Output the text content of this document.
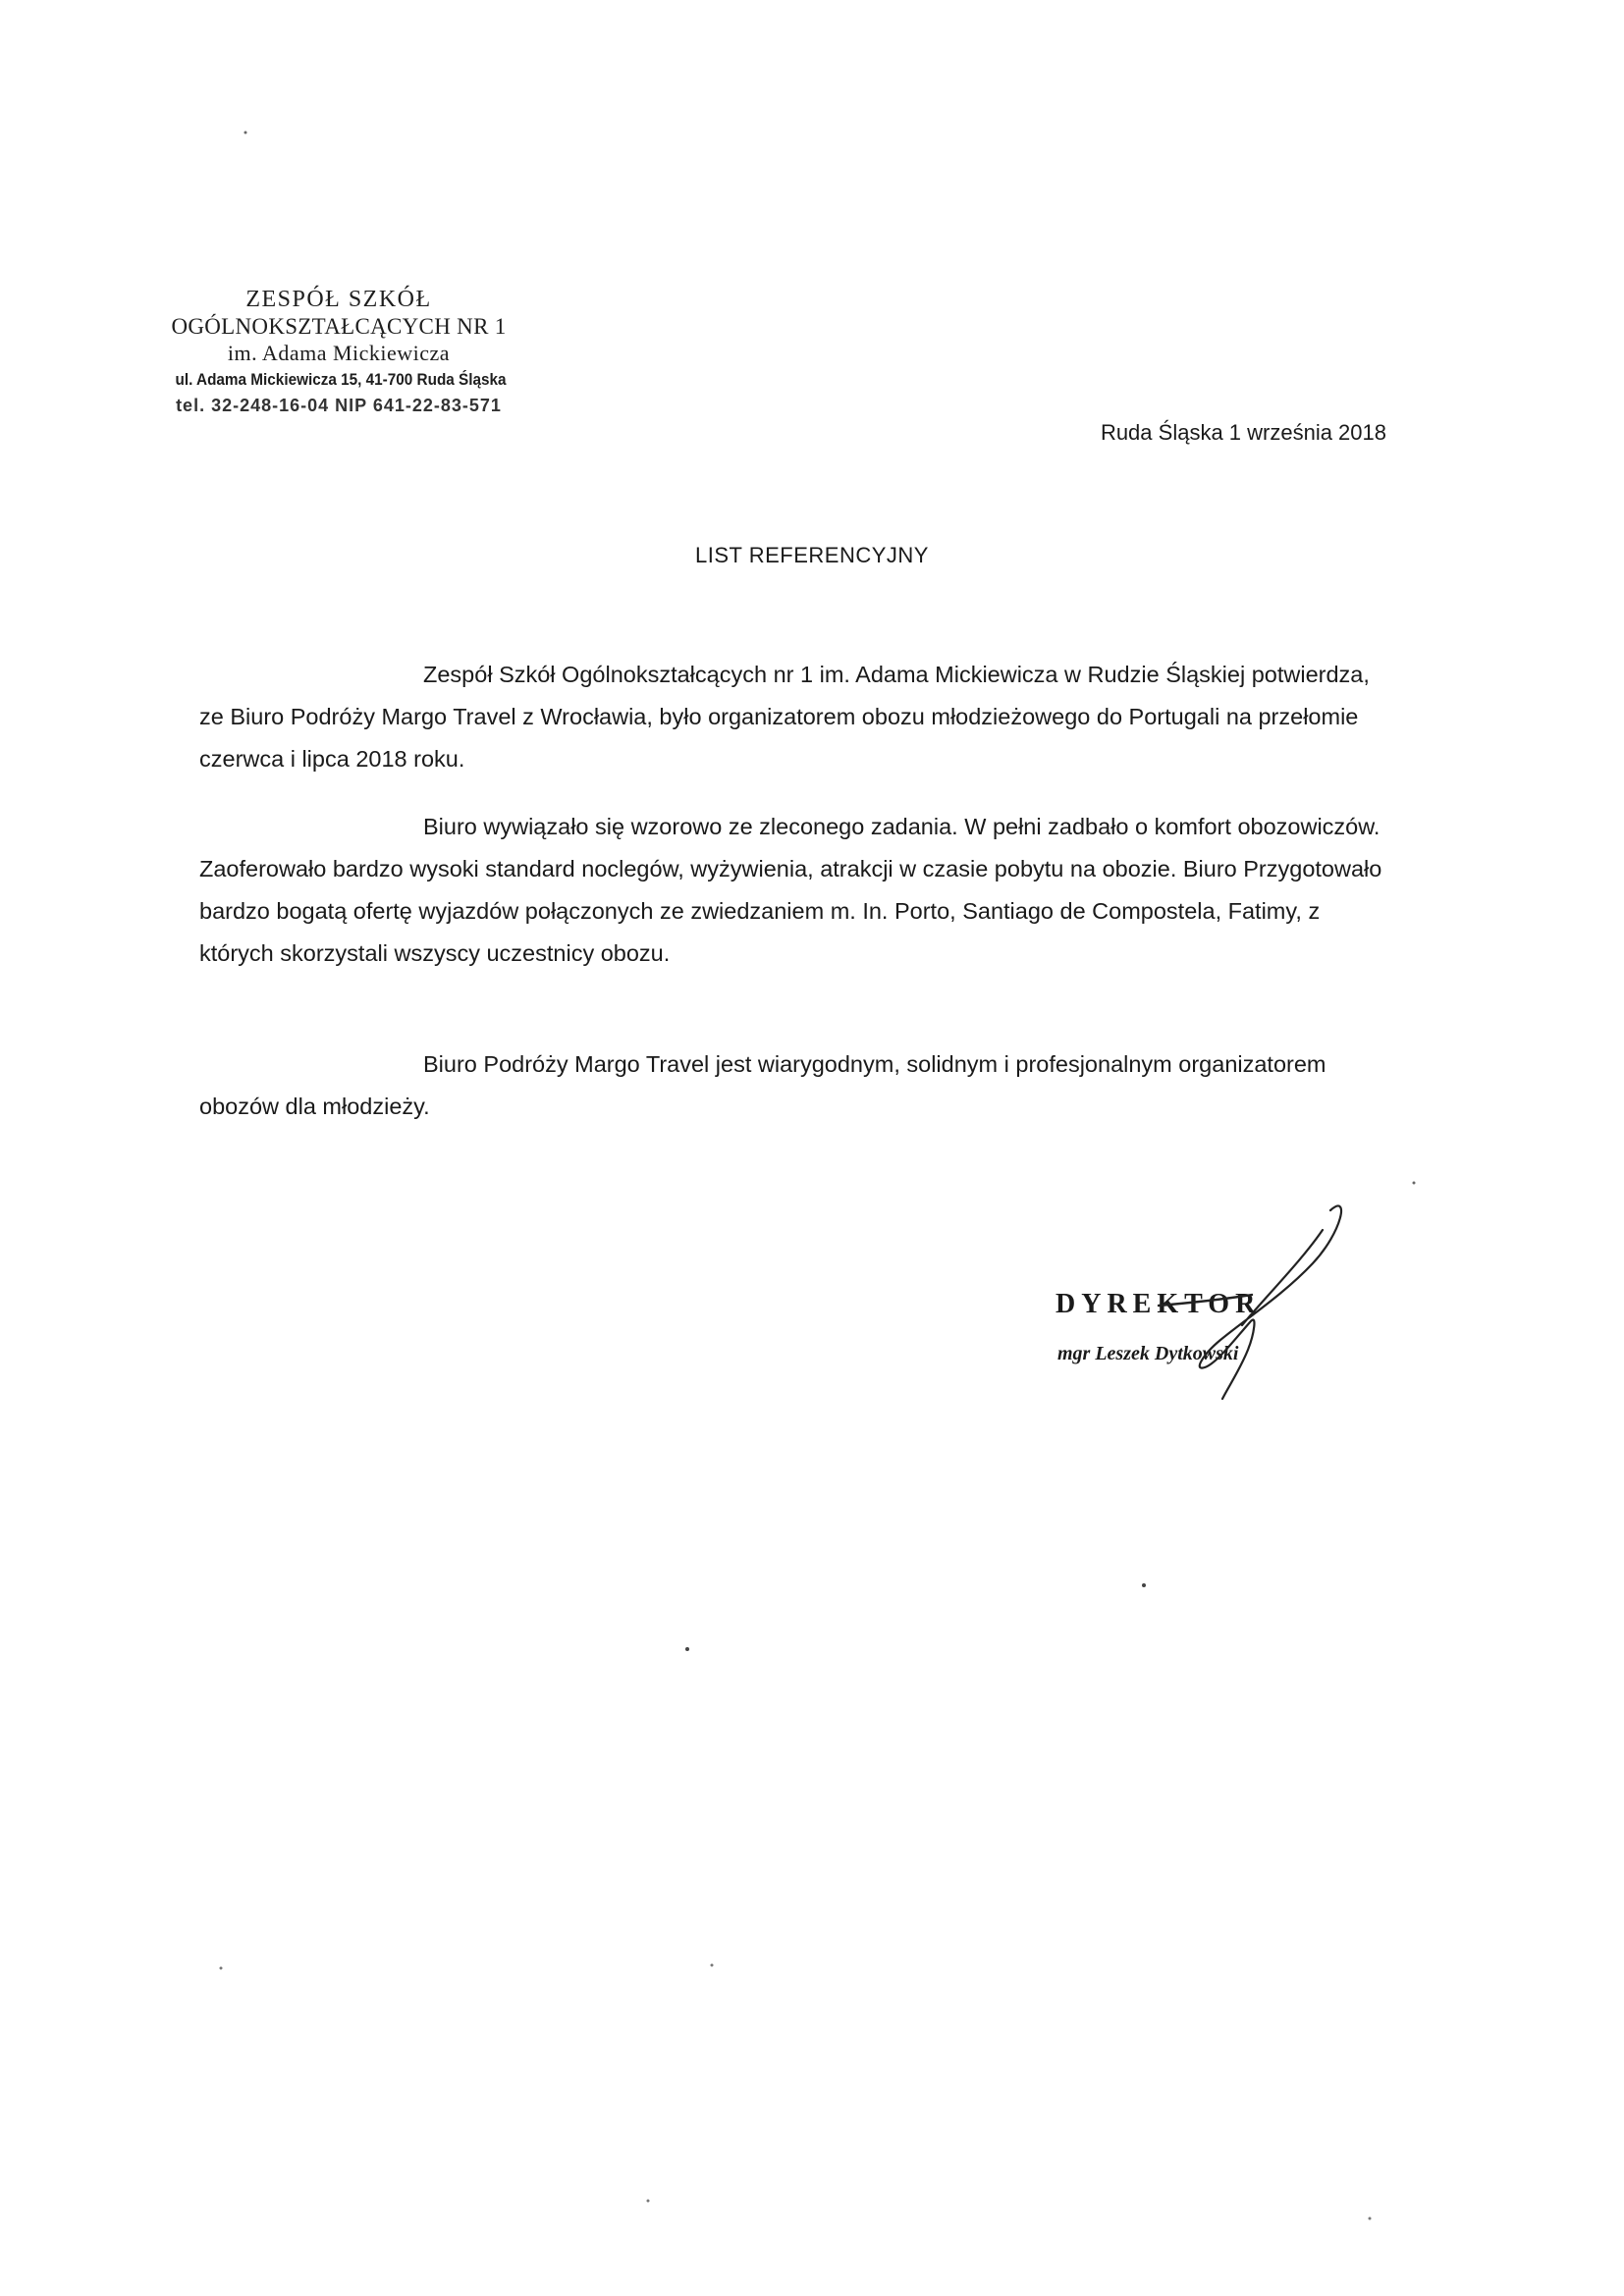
ZESPÓŁ SZKÓŁ
OGÓLNOKSZTAŁCĄCYCH NR 1
im. Adama Mickiewicza
ul. Adama Mickiewicza 15, 41-700 Ruda Śląska
tel. 32-248-16-04 NIP 641-22-83-571
Ruda Śląska 1 września 2018
LIST REFERENCYJNY

Zespół Szkół Ogólnokształcących nr 1 im. Adama Mickiewicza w Rudzie Śląskiej potwierdza, ze Biuro Podróży Margo Travel z Wrocławia, było organizatorem obozu młodzieżowego do Portugali na przełomie czerwca i lipca 2018 roku.

Biuro wywiązało się wzorowo ze zleconego zadania. W pełni zadbało o komfort obozowiczów. Zaoferowało bardzo wysoki standard noclegów, wyżywienia, atrakcji w czasie pobytu na obozie. Biuro Przygotowało bardzo bogatą ofertę wyjazdów połączonych ze zwiedzaniem m. In. Porto, Santiago de Compostela, Fatimy, z których skorzystali wszyscy uczestnicy obozu.

Biuro Podróży Margo Travel jest wiarygodnym, solidnym i profesjonalnym organizatorem obozów dla młodzieży.

DYREKTOR
mgr Leszek Dytkowski
